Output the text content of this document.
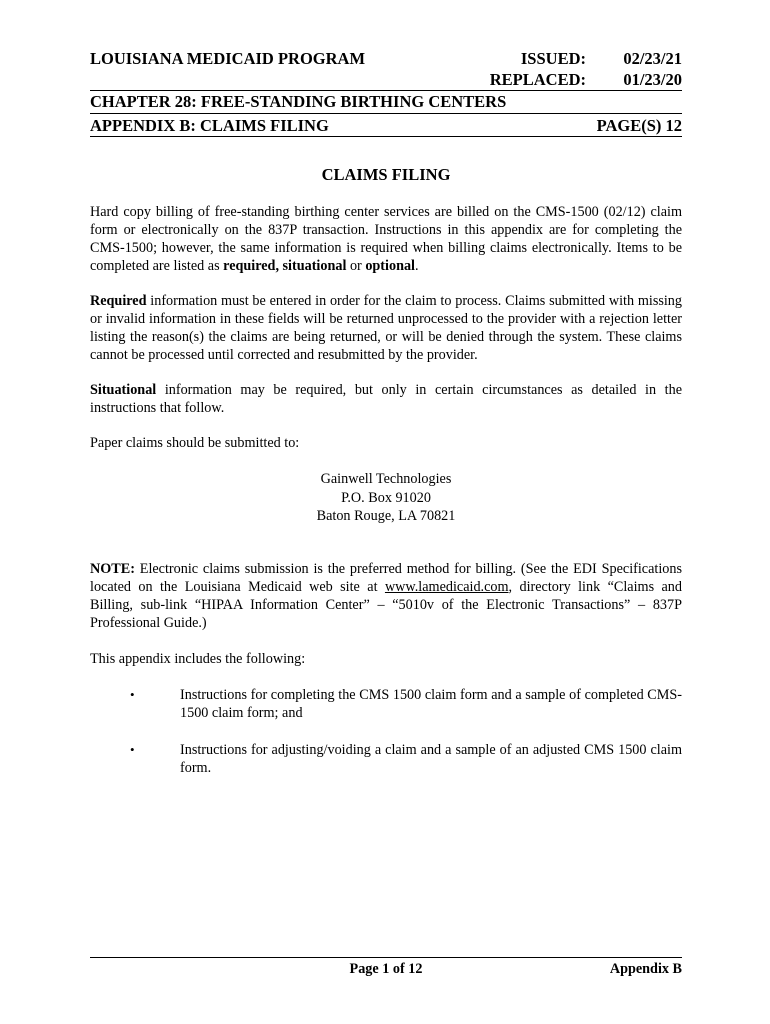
LOUISIANA MEDICAID PROGRAM	ISSUED: 02/23/21
REPLACED: 01/23/20
CHAPTER 28: FREE-STANDING BIRTHING CENTERS
APPENDIX B: CLAIMS FILING	PAGE(S) 12
CLAIMS FILING
Hard copy billing of free-standing birthing center services are billed on the CMS-1500 (02/12) claim form or electronically on the 837P transaction. Instructions in this appendix are for completing the CMS-1500; however, the same information is required when billing claims electronically. Items to be completed are listed as required, situational or optional.
Required information must be entered in order for the claim to process. Claims submitted with missing or invalid information in these fields will be returned unprocessed to the provider with a rejection letter listing the reason(s) the claims are being returned, or will be denied through the system. These claims cannot be processed until corrected and resubmitted by the provider.
Situational information may be required, but only in certain circumstances as detailed in the instructions that follow.
Paper claims should be submitted to:
Gainwell Technologies
P.O. Box 91020
Baton Rouge, LA 70821
NOTE: Electronic claims submission is the preferred method for billing. (See the EDI Specifications located on the Louisiana Medicaid web site at www.lamedicaid.com, directory link “Claims and Billing, sub-link “HIPAA Information Center” – “5010v of the Electronic Transactions” – 837P Professional Guide.)
This appendix includes the following:
•	Instructions for completing the CMS 1500 claim form and a sample of completed CMS-1500 claim form; and
•	Instructions for adjusting/voiding a claim and a sample of an adjusted CMS 1500 claim form.
Page 1 of 12	Appendix B
